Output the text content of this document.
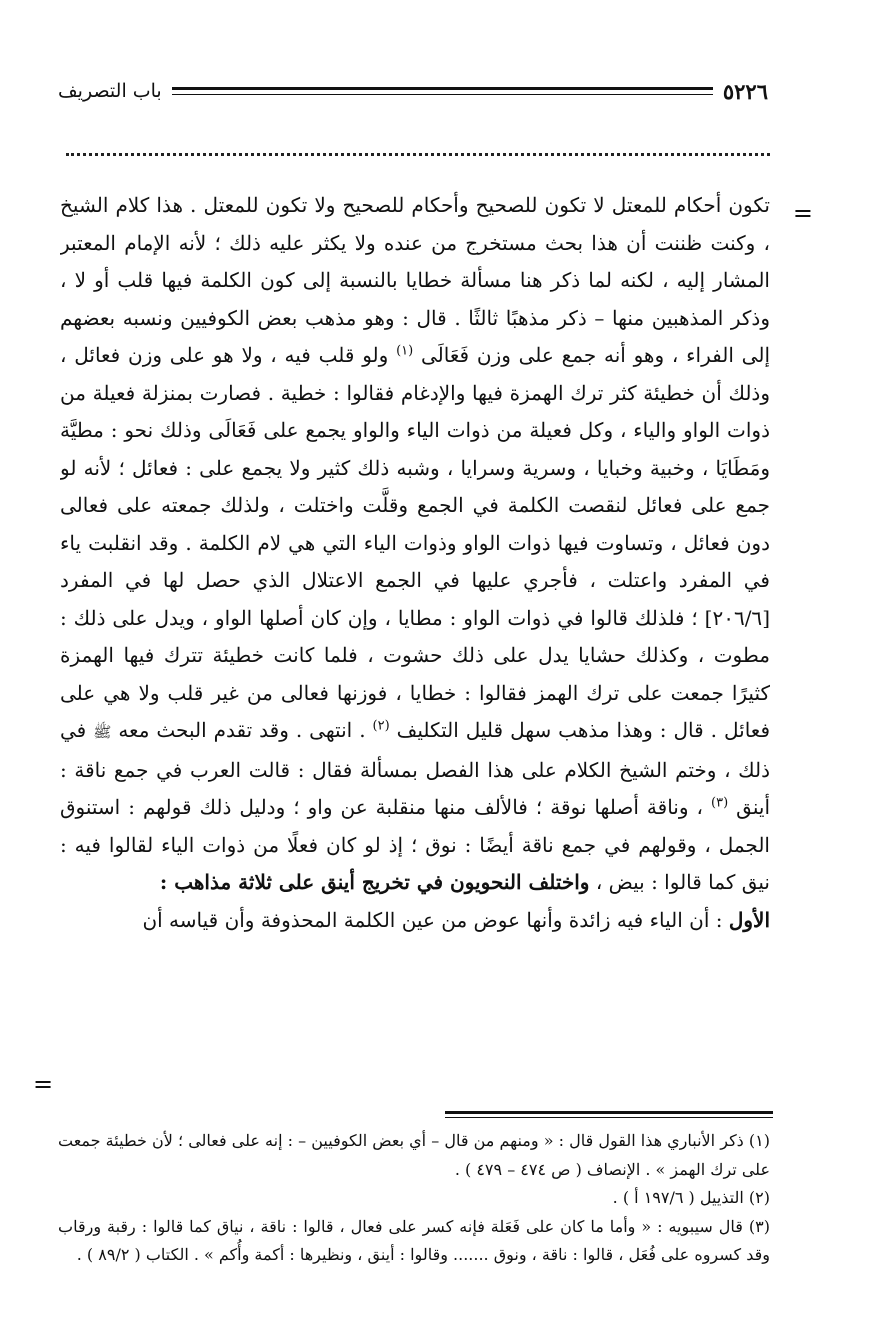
٥٢٢٦
باب التصريف
=

تكون أحكام للمعتل لا تكون للصحيح وأحكام للصحيح ولا تكون للمعتل . هذا كلام الشيخ ، وكنت ظننت أن هذا بحث مستخرج من عنده ولا يكثر عليه ذلك ؛ لأنه الإمام المعتبر المشار إليه ، لكنه لما ذكر هنا مسألة خطايا بالنسبة إلى كون الكلمة فيها قلب أو لا ، وذكر المذهبين منها – ذكر مذهبًا ثالثًا . قال : وهو مذهب بعض الكوفيين ونسبه بعضهم إلى الفراء ، وهو أنه جمع على وزن فَعَالَى $^{(١)}$ ولو قلب فيه ، ولا هو على وزن فعائل ، وذلك أن خطيئة كثر ترك الهمزة فيها والإدغام فقالوا : خطية . فصارت بمنزلة فعيلة من ذوات الواو والياء ، وكل فعيلة من ذوات الياء والواو يجمع على فَعَالَى وذلك نحو : مطيَّة ومَطَايَا ، وخبية وخبايا ، وسرية وسرايا ، وشبه ذلك كثير ولا يجمع على : فعائل ؛ لأنه لو جمع على فعائل لنقصت الكلمة في الجمع وقلَّت واختلت ، ولذلك جمعته على فعالى دون فعائل ، وتساوت فيها ذوات الواو وذوات الياء التي هي لام الكلمة . وقد انقلبت ياء في المفرد واعتلت ، فأجري عليها في الجمع الاعتلال الذي حصل لها في المفرد [٢٠٦/٦] ؛ فلذلك قالوا في ذوات الواو : مطايا ، وإن كان أصلها الواو ، ويدل على ذلك : مطوت ، وكذلك حشايا يدل على ذلك حشوت ، فلما كانت خطيئة تترك فيها الهمزة كثيرًا جمعت على ترك الهمز فقالوا : خطايا ، فوزنها فعالى من غير قلب ولا هي على فعائل . قال : وهذا مذهب سهل قليل التكليف $^{(٢)}$ . انتهى . وقد تقدم البحث معه ﷺ في ذلك ، وختم الشيخ الكلام على هذا الفصل بمسألة فقال : قالت العرب في جمع ناقة : أينق $^{(٣)}$ ، وناقة أصلها نوقة ؛ فالألف منها منقلبة عن واو ؛ ودليل ذلك قولهم : استنوق الجمل ، وقولهم في جمع ناقة أيضًا : نوق ؛ إذ لو كان فعلًا من ذوات الياء لقالوا فيه : نيق كما قالوا : بيض ، واختلف النحويون في تخريج أينق على ثلاثة مذاهب :

الأول : أن الياء فيه زائدة وأنها عوض من عين الكلمة المحذوفة وأن قياسه أن

=

(١) ذكر الأنباري هذا القول قال : « ومنهم من قال – أي بعض الكوفيين – : إنه على فعالى ؛ لأن خطيئة جمعت على ترك الهمز » . الإنصاف ( ص ٤٧٤ – ٤٧٩ ) .

(٢) التذييل ( ١٩٧/٦ أ ) .

(٣) قال سيبويه : « وأما ما كان على فَعَلة فإنه كسر على فعال ، قالوا : ناقة ، نياق كما قالوا : رقبة ورقاب وقد كسروه على فُعَل ، قالوا : ناقة ، ونوق ....... وقالوا : أينق ، ونظيرها : أكمة وأُكم » . الكتاب ( ٨٩/٢ ) .
